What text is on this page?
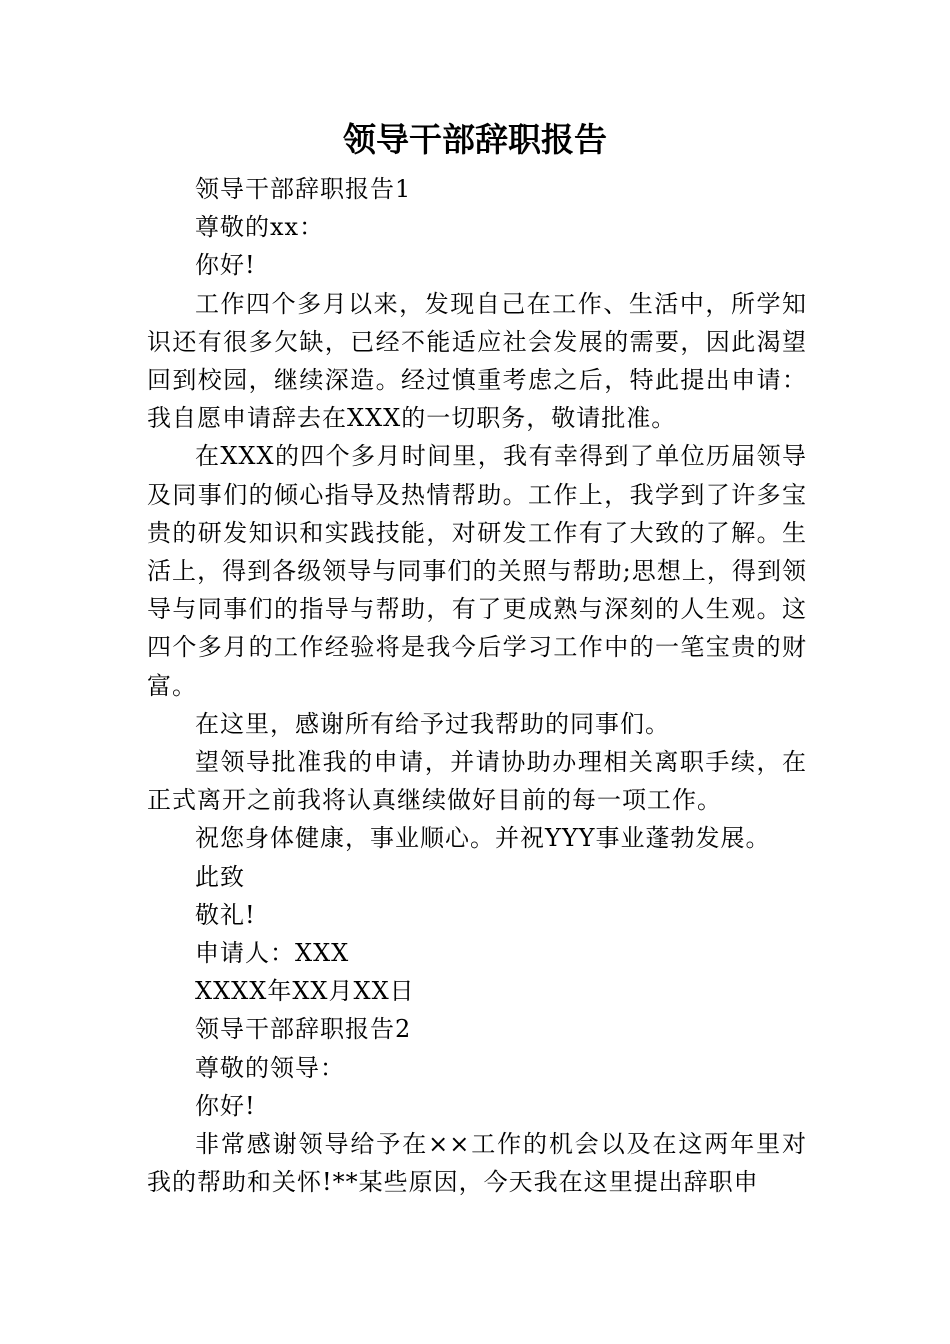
领导干部辞职报告

领导干部辞职报告1

尊敬的xx：

你好!

工作四个多月以来，发现自己在工作、生活中，所学知识还有很多欠缺，已经不能适应社会发展的需要，因此渴望回到校园，继续深造。经过慎重考虑之后，特此提出申请：我自愿申请辞去在XXX的一切职务，敬请批准。

在XXX的四个多月时间里，我有幸得到了单位历届领导及同事们的倾心指导及热情帮助。工作上，我学到了许多宝贵的研发知识和实践技能，对研发工作有了大致的了解。生活上，得到各级领导与同事们的关照与帮助;思想上，得到领导与同事们的指导与帮助，有了更成熟与深刻的人生观。这四个多月的工作经验将是我今后学习工作中的一笔宝贵的财富。

在这里，感谢所有给予过我帮助的同事们。

望领导批准我的申请，并请协助办理相关离职手续，在正式离开之前我将认真继续做好目前的每一项工作。

祝您身体健康，事业顺心。并祝YYY事业蓬勃发展。

此致

敬礼!

申请人：XXX

XXXX年XX月XX日

领导干部辞职报告2

尊敬的领导：

你好!

非常感谢领导给予在××工作的机会以及在这两年里对我的帮助和关怀!**某些原因，今天我在这里提出辞职申
